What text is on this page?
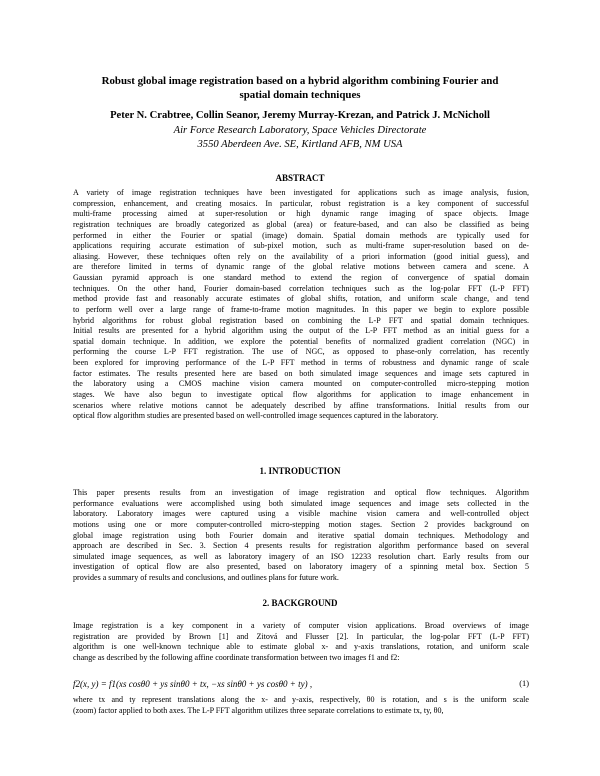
Robust global image registration based on a hybrid algorithm combining Fourier and
spatial domain techniques
Peter N. Crabtree, Collin Seanor, Jeremy Murray-Krezan, and Patrick J. McNicholl
Air Force Research Laboratory, Space Vehicles Directorate
3550 Aberdeen Ave. SE, Kirtland AFB, NM USA
ABSTRACT
A variety of image registration techniques have been investigated for applications such as image analysis, fusion,
compression, enhancement, and creating mosaics. In particular, robust registration is a key component of successful
multi-frame processing aimed at super-resolution or high dynamic range imaging of space objects. Image
registration techniques are broadly categorized as global (area) or feature-based, and can also be classified as being
performed in either the Fourier or spatial (image) domain. Spatial domain methods are typically used for
applications requiring accurate estimation of sub-pixel motion, such as multi-frame super-resolution based on de-
aliasing. However, these techniques often rely on the availability of a priori information (good initial guess), and
are therefore limited in terms of dynamic range of the global relative motions between camera and scene. A
Gaussian pyramid approach is one standard method to extend the region of convergence of spatial domain
techniques. On the other hand, Fourier domain-based correlation techniques such as the log-polar FFT (L-P FFT)
method provide fast and reasonably accurate estimates of global shifts, rotation, and uniform scale change, and tend
to perform well over a large range of frame-to-frame motion magnitudes. In this paper we begin to explore possible
hybrid algorithms for robust global registration based on combining the L-P FFT and spatial domain techniques.
Initial results are presented for a hybrid algorithm using the output of the L-P FFT method as an initial guess for a
spatial domain technique. In addition, we explore the potential benefits of normalized gradient correlation (NGC) in
performing the course L-P FFT registration. The use of NGC, as opposed to phase-only correlation, has recently
been explored for improving performance of the L-P FFT method in terms of robustness and dynamic range of scale
factor estimates. The results presented here are based on both simulated image sequences and image sets captured in
the laboratory using a CMOS machine vision camera mounted on computer-controlled micro-stepping motion
stages. We have also begun to investigate optical flow algorithms for application to image enhancement in
scenarios where relative motions cannot be adequately described by affine transformations. Initial results from our
optical flow algorithm studies are presented based on well-controlled image sequences captured in the laboratory.
1. INTRODUCTION
This paper presents results from an investigation of image registration and optical flow techniques. Algorithm
performance evaluations were accomplished using both simulated image sequences and image sets collected in the
laboratory. Laboratory images were captured using a visible machine vision camera and well-controlled object
motions using one or more computer-controlled micro-stepping motion stages. Section 2 provides background on
global image registration using both Fourier domain and iterative spatial domain techniques. Methodology and
approach are described in Sec. 3. Section 4 presents results for registration algorithm performance based on several
simulated image sequences, as well as laboratory imagery of an ISO 12233 resolution chart. Early results from our
investigation of optical flow are also presented, based on laboratory imagery of a spinning metal box. Section 5
provides a summary of results and conclusions, and outlines plans for future work.
2. BACKGROUND
Image registration is a key component in a variety of computer vision applications. Broad overviews of image
registration are provided by Brown [1] and Zitová and Flusser [2]. In particular, the log-polar FFT (L-P FFT)
algorithm is one well-known technique able to estimate global x- and y-axis translations, rotation, and uniform scale
change as described by the following affine coordinate transformation between two images f1 and f2:
f2(x, y) = f1(xs cosθ0 + ys sinθ0 + tx, −xs sinθ0 + ys cosθ0 + ty) ,	(1)
where tx and ty represent translations along the x- and y-axis, respectively, θ0 is rotation, and s is the uniform scale
(zoom) factor applied to both axes. The L-P FFT algorithm utilizes three separate correlations to estimate tx, ty, θ0,
